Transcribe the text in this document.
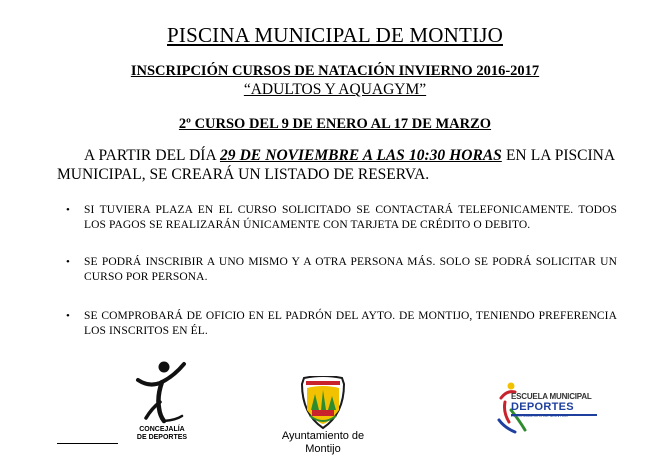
PISCINA MUNICIPAL DE MONTIJO
INSCRIPCIÓN CURSOS DE NATACIÓN INVIERNO 2016-2017
“ADULTOS Y AQUAGYM”
2º CURSO DEL 9 DE ENERO AL 17 DE MARZO

A PARTIR DEL DÍA 29 DE NOVIEMBRE A LAS 10:30 HORAS EN LA PISCINA MUNICIPAL, SE CREARÁ UN LISTADO DE RESERVA.

• SI TUVIERA PLAZA EN EL CURSO SOLICITADO SE CONTACTARÁ TELEFONICAMENTE. TODOS LOS PAGOS SE REALIZARÁN ÚNICAMENTE CON TARJETA DE CRÉDITO O DEBITO.
• SE PODRÁ INSCRIBIR A UNO MISMO Y A OTRA PERSONA MÁS. SOLO SE PODRÁ SOLICITAR UN CURSO POR PERSONA.
• SE COMPROBARÁ DE OFICIO EN EL PADRÓN DEL AYTO. DE MONTIJO, TENIENDO PREFERENCIA LOS INSCRITOS EN ÉL.
CONCEJALÍA
DE DEPORTES	Ayuntamiento de
Montijo
ESCUELA MUNICIPAL
DEPORTES
AYUNTAMIENTO DE MONTIJO
